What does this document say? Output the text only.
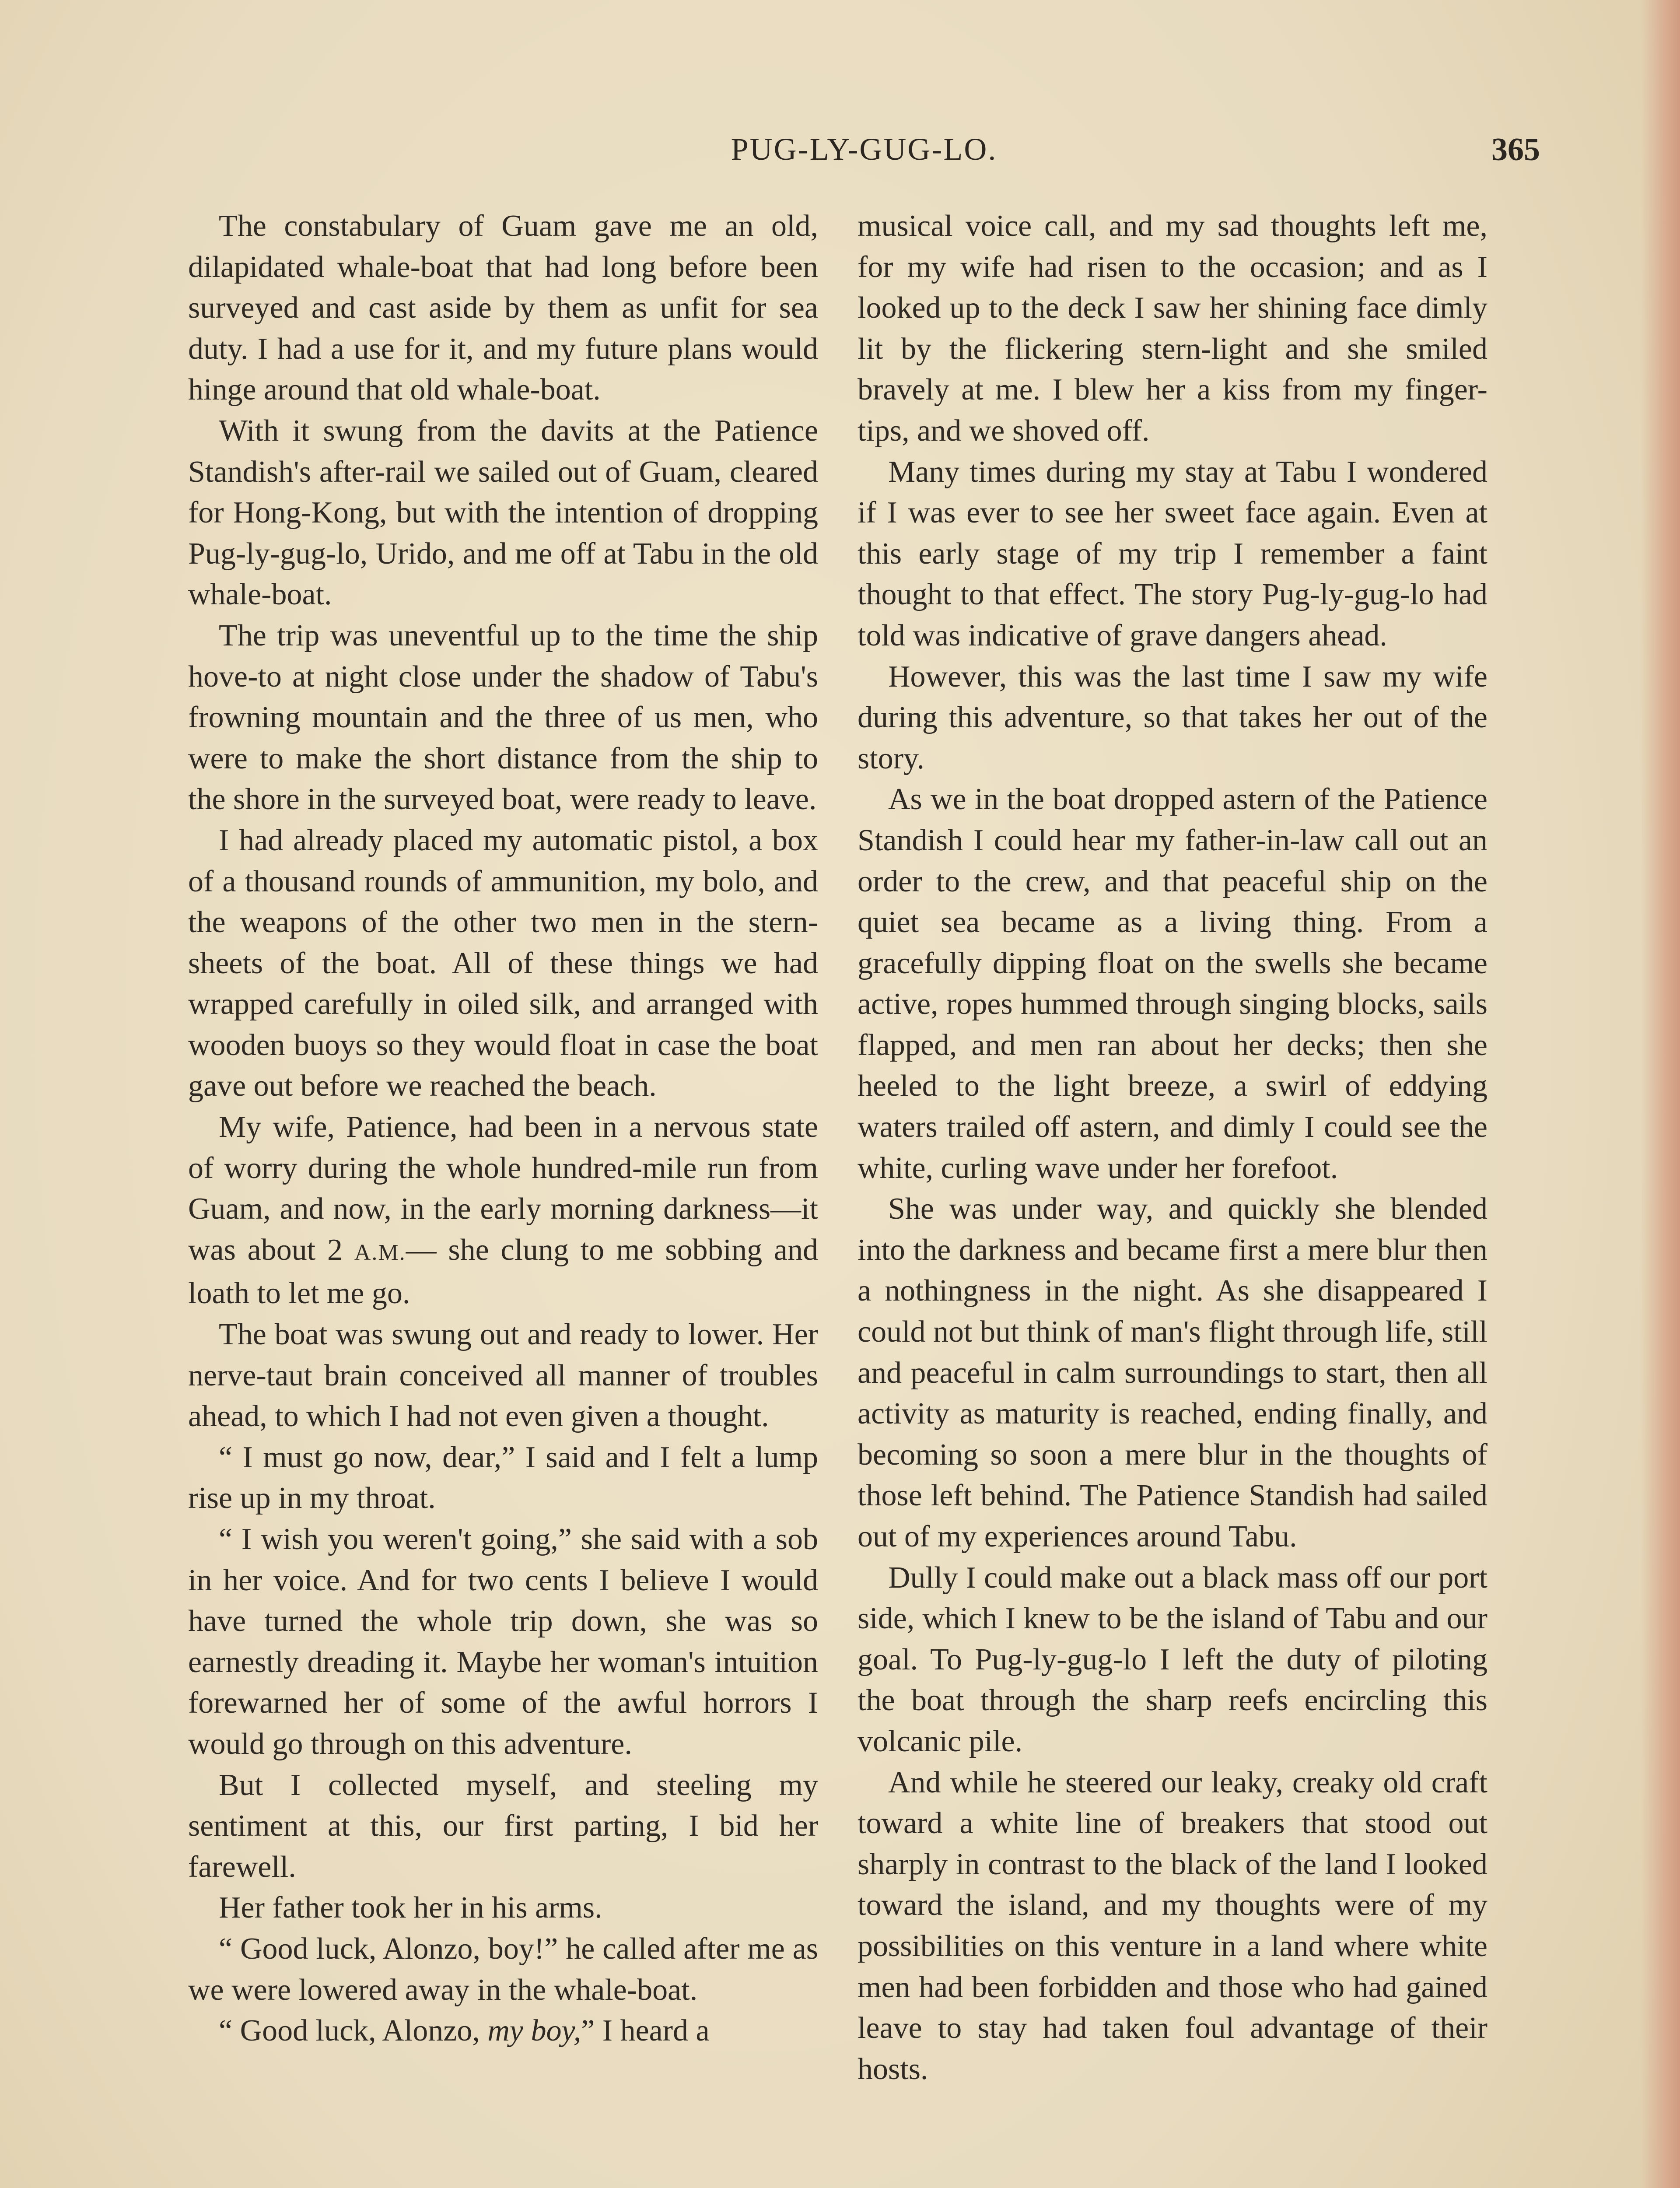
PUG-LY-GUG-LO.	365

The constabulary of Guam gave me an old, dilapidated whale-boat that had long before been surveyed and cast aside by them as unfit for sea duty. I had a use for it, and my future plans would hinge around that old whale-boat.

With it swung from the davits at the Patience Standish's after-rail we sailed out of Guam, cleared for Hong-Kong, but with the intention of dropping Pug-ly-gug-lo, Urido, and me off at Tabu in the old whale-boat.

The trip was uneventful up to the time the ship hove-to at night close under the shadow of Tabu's frowning mountain and the three of us men, who were to make the short distance from the ship to the shore in the surveyed boat, were ready to leave.

I had already placed my automatic pistol, a box of a thousand rounds of ammunition, my bolo, and the weapons of the other two men in the stern-sheets of the boat. All of these things we had wrapped carefully in oiled silk, and arranged with wooden buoys so they would float in case the boat gave out before we reached the beach.

My wife, Patience, had been in a nervous state of worry during the whole hundred-mile run from Guam, and now, in the early morning darkness—it was about 2 A.M.— she clung to me sobbing and loath to let me go.

The boat was swung out and ready to lower. Her nerve-taut brain conceived all manner of troubles ahead, to which I had not even given a thought.

“ I must go now, dear,” I said and I felt a lump rise up in my throat.

“ I wish you weren't going,” she said with a sob in her voice. And for two cents I believe I would have turned the whole trip down, she was so earnestly dreading it. Maybe her woman's intuition forewarned her of some of the awful horrors I would go through on this adventure.

But I collected myself, and steeling my sentiment at this, our first parting, I bid her farewell.

Her father took her in his arms.

“ Good luck, Alonzo, boy!” he called after me as we were lowered away in the whale-boat.

“ Good luck, Alonzo, my boy,” I heard a

musical voice call, and my sad thoughts left me, for my wife had risen to the occasion; and as I looked up to the deck I saw her shining face dimly lit by the flickering stern-light and she smiled bravely at me. I blew her a kiss from my finger-tips, and we shoved off.

Many times during my stay at Tabu I wondered if I was ever to see her sweet face again. Even at this early stage of my trip I remember a faint thought to that effect. The story Pug-ly-gug-lo had told was indicative of grave dangers ahead.

However, this was the last time I saw my wife during this adventure, so that takes her out of the story.

As we in the boat dropped astern of the Patience Standish I could hear my father-in-law call out an order to the crew, and that peaceful ship on the quiet sea became as a living thing. From a gracefully dipping float on the swells she became active, ropes hummed through singing blocks, sails flapped, and men ran about her decks; then she heeled to the light breeze, a swirl of eddying waters trailed off astern, and dimly I could see the white, curling wave under her forefoot.

She was under way, and quickly she blended into the darkness and became first a mere blur then a nothingness in the night. As she disappeared I could not but think of man's flight through life, still and peaceful in calm surroundings to start, then all activity as maturity is reached, ending finally, and becoming so soon a mere blur in the thoughts of those left behind. The Patience Standish had sailed out of my experiences around Tabu.

Dully I could make out a black mass off our port side, which I knew to be the island of Tabu and our goal. To Pug-ly-gug-lo I left the duty of piloting the boat through the sharp reefs encircling this volcanic pile.

And while he steered our leaky, creaky old craft toward a white line of breakers that stood out sharply in contrast to the black of the land I looked toward the island, and my thoughts were of my possibilities on this venture in a land where white men had been forbidden and those who had gained leave to stay had taken foul advantage of their hosts.
